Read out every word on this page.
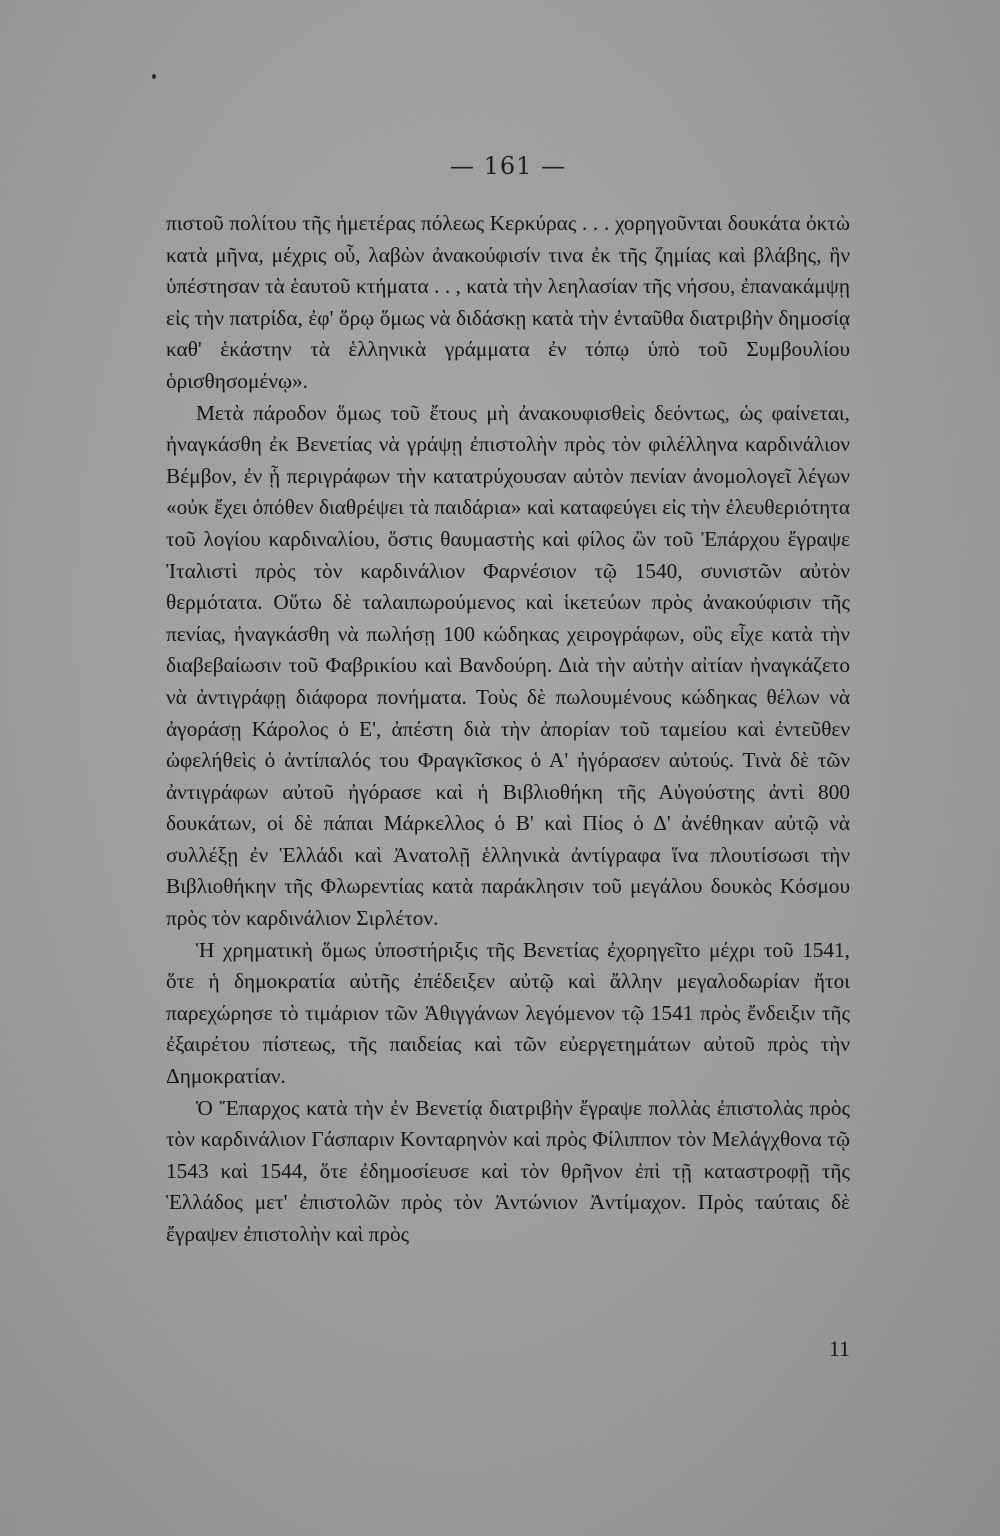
— 161 —

πιστοῦ πολίτου τῆς ἡμετέρας πόλεως Κερκύρας . . . χορηγοῦνται δουκάτα ὀκτὼ κατὰ μῆνα, μέχρις οὗ, λαβὼν ἀνακούφισίν τινα ἐκ τῆς ζημίας καὶ βλάβης, ἣν ὑπέστησαν τὰ ἑαυτοῦ κτήματα . . , κατὰ τὴν λεηλασίαν τῆς νήσου, ἐπανακάμψῃ εἰς τὴν πατρίδα, ἐφ' ὅρῳ ὅμως νὰ διδάσκῃ κατὰ τὴν ἐνταῦθα διατριβὴν δημοσίᾳ καθ' ἑκάστην τὰ ἑλληνικὰ γράμματα ἐν τόπῳ ὑπὸ τοῦ Συμβουλίου ὁρισθησομένῳ».

Μετὰ πάροδον ὅμως τοῦ ἔτους μὴ ἀνακουφισθεὶς δεόντως, ὡς φαίνεται, ἠναγκάσθη ἐκ Βενετίας νὰ γράψῃ ἐπιστολὴν πρὸς τὸν φιλέλληνα καρδινάλιον Βέμβον, ἐν ᾗ περιγράφων τὴν κατατρύχουσαν αὐτὸν πενίαν ἀνομολογεῖ λέγων «οὐκ ἔχει ὁπόθεν διαθρέψει τὰ παιδάρια» καὶ καταφεύγει εἰς τὴν ἐλευθεριότητα τοῦ λογίου καρδιναλίου, ὅστις θαυμαστὴς καὶ φίλος ὢν τοῦ Ἐπάρχου ἔγραψε Ἰταλιστὶ πρὸς τὸν καρδινάλιον Φαρνέσιον τῷ 1540, συνιστῶν αὐτὸν θερμότατα. Οὕτω δὲ ταλαιπωρούμενος καὶ ἱκετεύων πρὸς ἀνακούφισιν τῆς πενίας, ἠναγκάσθη νὰ πωλήσῃ 100 κώδηκας χειρογράφων, οὓς εἶχε κατὰ τὴν διαβεβαίωσιν τοῦ Φαβρικίου καὶ Βανδούρη. Διὰ τὴν αὐτὴν αἰτίαν ἠναγκάζετο νὰ ἀντιγράφῃ διάφορα πονήματα. Τοὺς δὲ πωλουμένους κώδηκας θέλων νὰ ἀγοράσῃ Κάρολος ὁ Ε', ἀπέστη διὰ τὴν ἀπορίαν τοῦ ταμείου καὶ ἐντεῦθεν ὠφελήθεὶς ὁ ἀντίπαλός του Φραγκῖσκος ὁ Α' ἠγόρασεν αὐτούς. Τινὰ δὲ τῶν ἀντιγράφων αὐτοῦ ἠγόρασε καὶ ἡ Βιβλιοθήκη τῆς Αὐγούστης ἀντὶ 800 δουκάτων, οἱ δὲ πάπαι Μάρκελλος ὁ Β' καὶ Πίος ὁ Δ' ἀνέθηκαν αὐτῷ νὰ συλλέξῃ ἐν Ἑλλάδι καὶ Ἀνατολῇ ἑλληνικὰ ἀντίγραφα ἵνα πλουτίσωσι τὴν Βιβλιοθήκην τῆς Φλωρεντίας κατὰ παράκλησιν τοῦ μεγάλου δουκὸς Κόσμου πρὸς τὸν καρδινάλιον Σιρλέτον.

Ἡ χρηματικὴ ὅμως ὑποστήριξις τῆς Βενετίας ἐχορηγεῖτο μέχρι τοῦ 1541, ὅτε ἡ δημοκρατία αὐτῆς ἐπέδειξεν αὐτῷ καὶ ἄλλην μεγαλοδωρίαν ἤτοι παρεχώρησε τὸ τιμάριον τῶν Ἀθιγγάνων λεγόμενον τῷ 1541 πρὸς ἔνδειξιν τῆς ἐξαιρέτου πίστεως, τῆς παιδείας καὶ τῶν εὐεργετημάτων αὐτοῦ πρὸς τὴν Δημοκρατίαν.

Ὁ Ἔπαρχος κατὰ τὴν ἐν Βενετίᾳ διατριβὴν ἔγραψε πολλὰς ἐπιστολὰς πρὸς τὸν καρδινάλιον Γάσπαριν Κονταρηνὸν καὶ πρὸς Φίλιππον τὸν Μελάγχθονα τῷ 1543 καὶ 1544, ὅτε ἐδημοσίευσε καὶ τὸν θρῆνον ἐπὶ τῇ καταστροφῇ τῆς Ἑλλάδος μετ' ἐπιστολῶν πρὸς τὸν Ἀντώνιον Ἀντίμαχον. Πρὸς ταύταις δὲ ἔγραψεν ἐπιστολὴν καὶ πρὸς

11
